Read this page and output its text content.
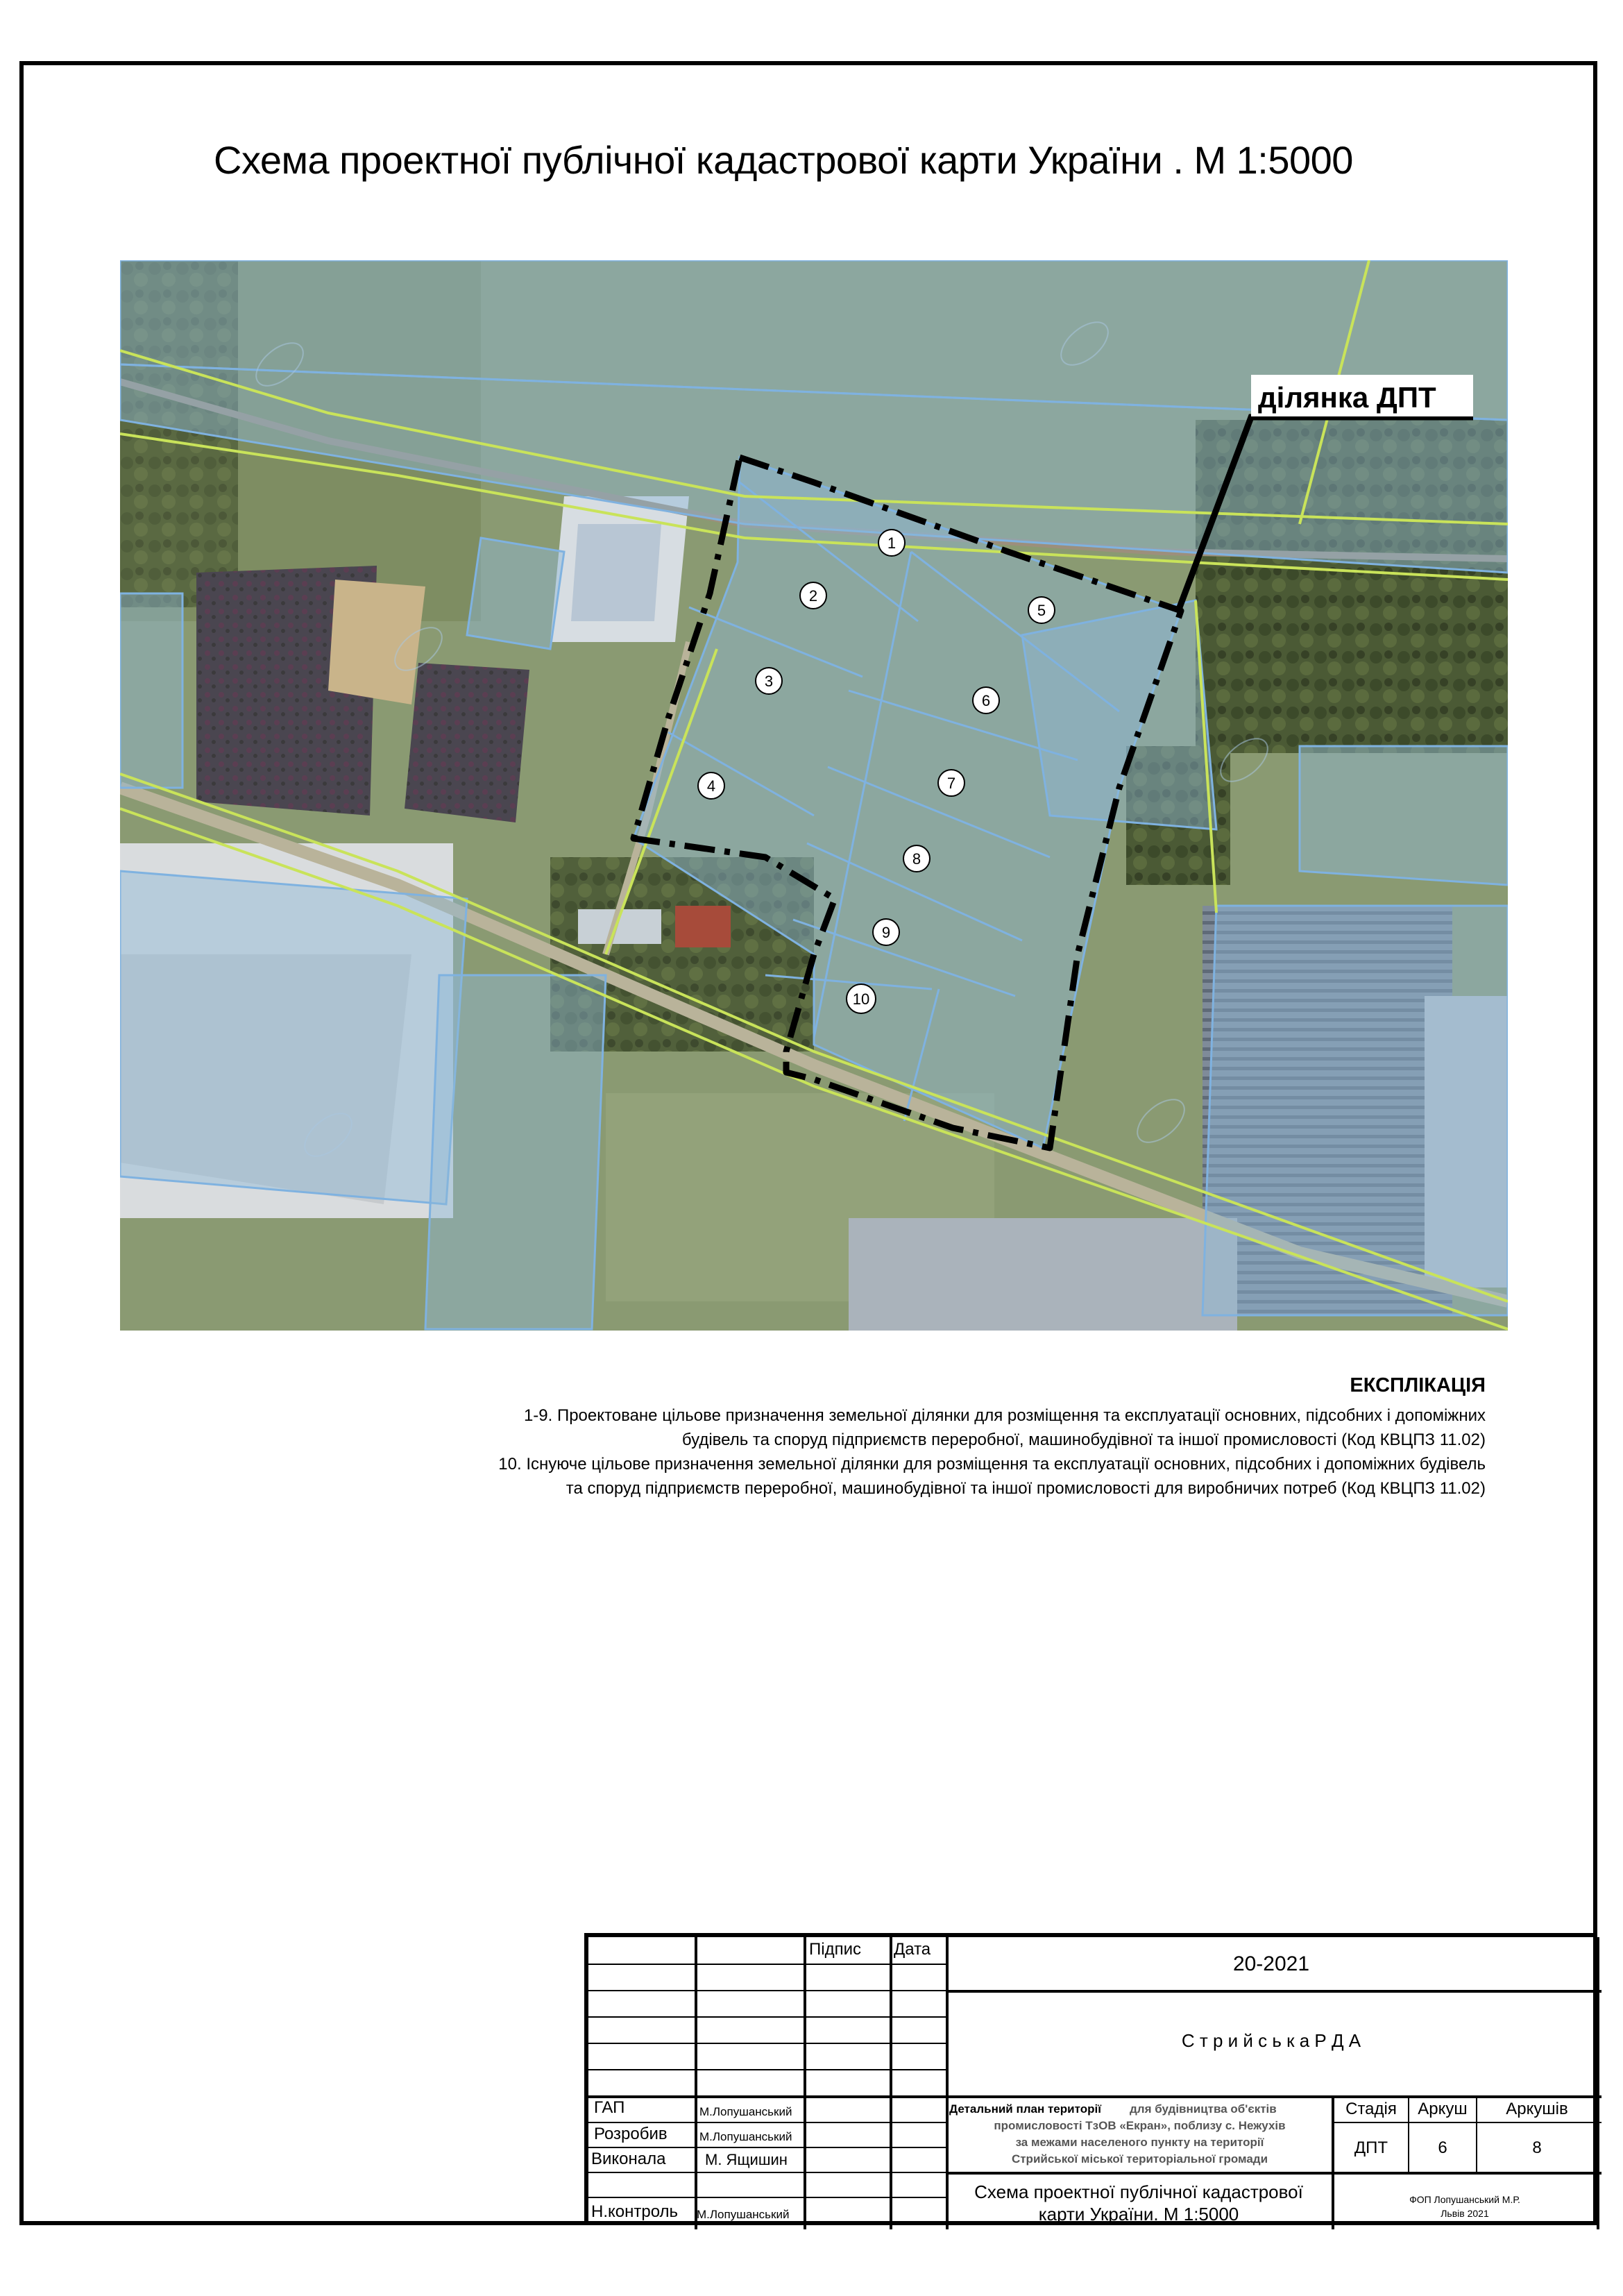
Схема проектної публічної кадастрової карти України . М 1:5000
ділянка ДПТ
1
2
3
4
5
6
7
8
9
10
ЕКСПЛІКАЦІЯ
1-9. Проектоване цільове призначення земельної ділянки для розміщення та експлуатації основних, підсобних і допоміжних
будівель та споруд підприємств переробної, машинобудівної та іншої промисловості (Код КВЦПЗ 11.02)
10. Існуюче цільове призначення земельної ділянки для розміщення та експлуатації основних, підсобних і допоміжних будівель
та споруд підприємств переробної, машинобудівної та іншої промисловості для виробничих потреб (Код КВЦПЗ 11.02)
Підпис Дата
ГАП	М.Лопушанський
Розробив	М.Лопушанський
Виконала	М. Ящишин
Н.контроль М.Лопушанський
20-2021
С т р и й с ь к а Р Д А
Детальний план території для будівництва об'єктів
промисловості ТзОВ «Екран», поблизу с. Нежухів
за межами населеного пункту на території
Стрийської міської територіальної громади
Стадія	Аркуш	Аркушів
ДПТ	6	8
Схема проектної публічної кадастрової
карти України. М 1:5000
ФОП Лопушанський М.Р.
Львів 2021
